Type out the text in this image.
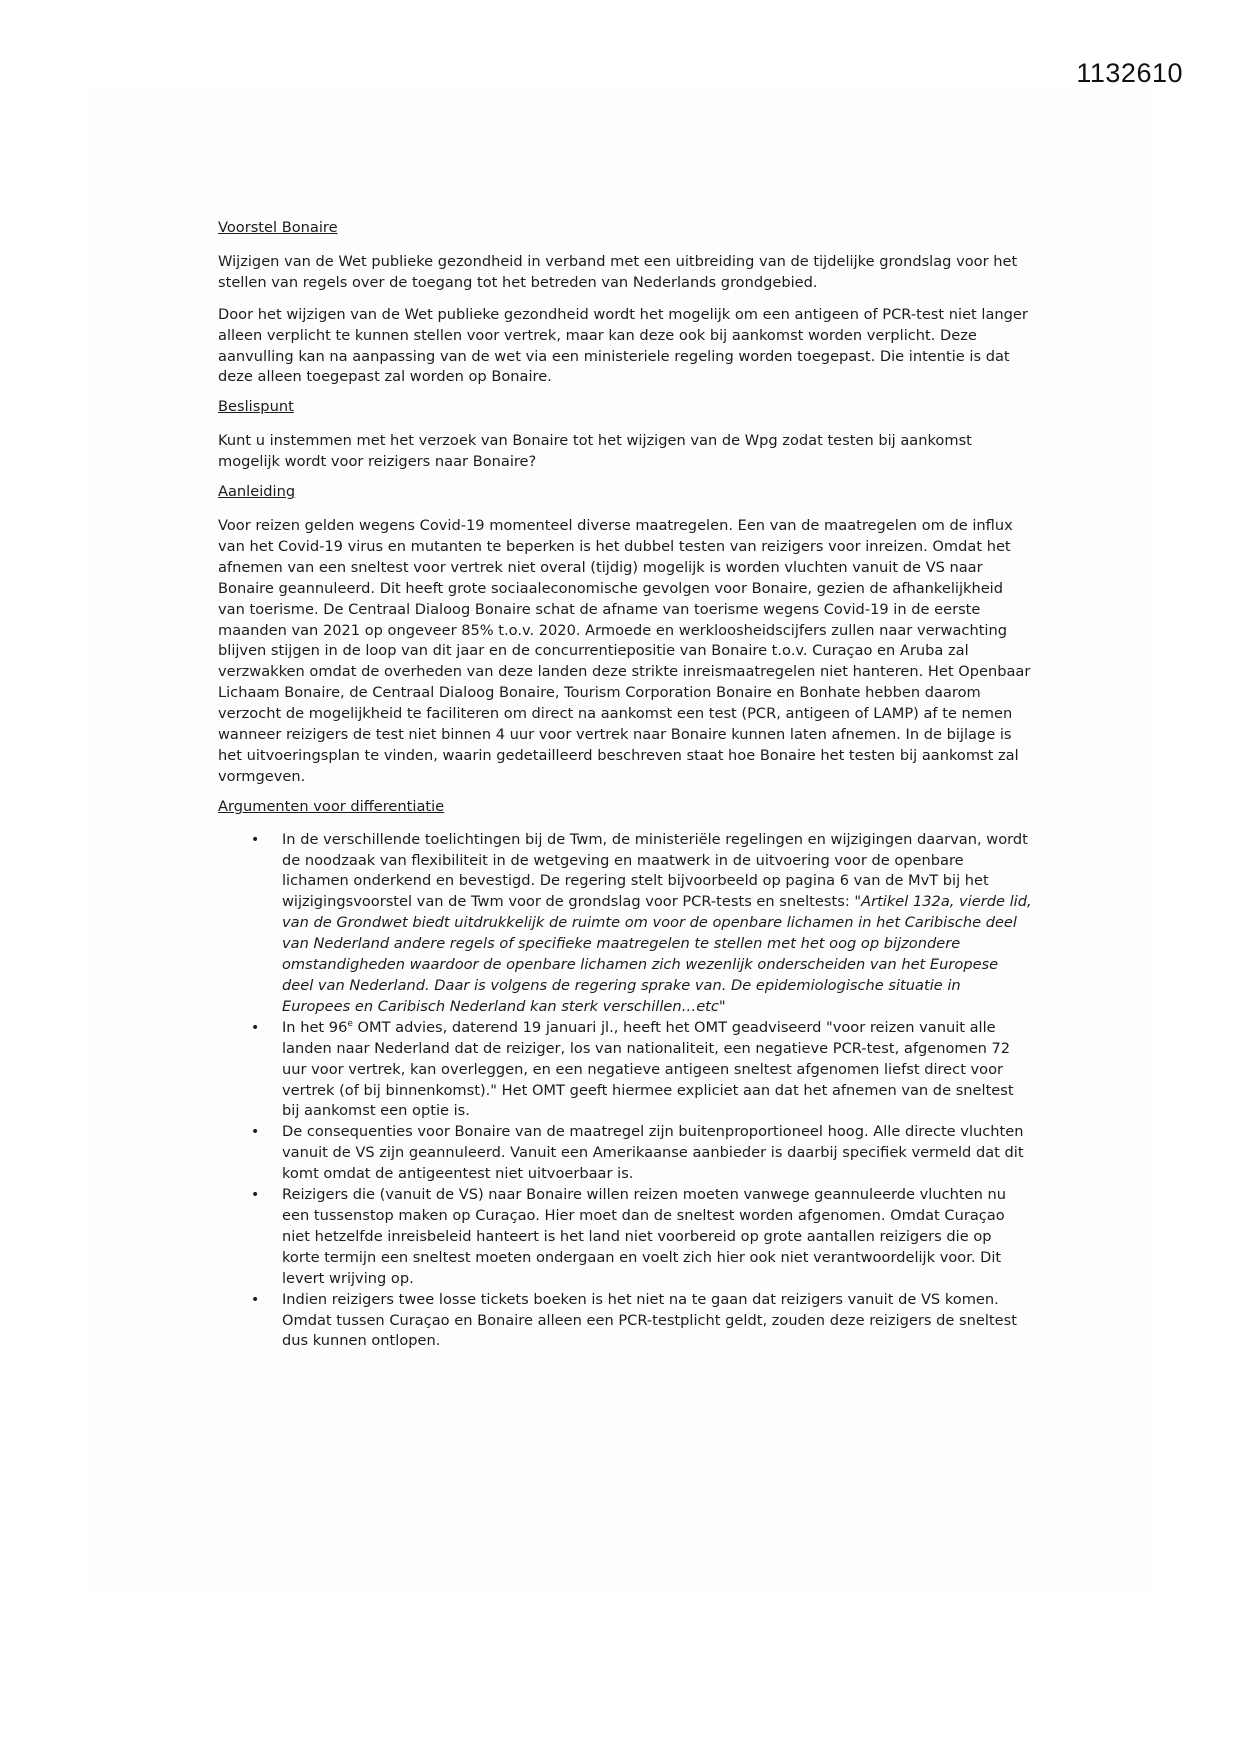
1132610
Voorstel Bonaire

Wijzigen van de Wet publieke gezondheid in verband met een uitbreiding van de tijdelijke grondslag voor het stellen van regels over de toegang tot het betreden van Nederlands grondgebied.

Door het wijzigen van de Wet publieke gezondheid wordt het mogelijk om een antigeen of PCR-test niet langer alleen verplicht te kunnen stellen voor vertrek, maar kan deze ook bij aankomst worden verplicht. Deze aanvulling kan na aanpassing van de wet via een ministeriele regeling worden toegepast. Die intentie is dat deze alleen toegepast zal worden op Bonaire.

Beslispunt

Kunt u instemmen met het verzoek van Bonaire tot het wijzigen van de Wpg zodat testen bij aankomst mogelijk wordt voor reizigers naar Bonaire?

Aanleiding

Voor reizen gelden wegens Covid-19 momenteel diverse maatregelen. Een van de maatregelen om de influx van het Covid-19 virus en mutanten te beperken is het dubbel testen van reizigers voor inreizen. Omdat het afnemen van een sneltest voor vertrek niet overal (tijdig) mogelijk is worden vluchten vanuit de VS naar Bonaire geannuleerd. Dit heeft grote sociaaleconomische gevolgen voor Bonaire, gezien de afhankelijkheid van toerisme. De Centraal Dialoog Bonaire schat de afname van toerisme wegens Covid-19 in de eerste maanden van 2021 op ongeveer 85% t.o.v. 2020. Armoede en werkloosheidscijfers zullen naar verwachting blijven stijgen in de loop van dit jaar en de concurrentiepositie van Bonaire t.o.v. Curaçao en Aruba zal verzwakken omdat de overheden van deze landen deze strikte inreismaatregelen niet hanteren. Het Openbaar Lichaam Bonaire, de Centraal Dialoog Bonaire, Tourism Corporation Bonaire en Bonhate hebben daarom verzocht de mogelijkheid te faciliteren om direct na aankomst een test (PCR, antigeen of LAMP) af te nemen wanneer reizigers de test niet binnen 4 uur voor vertrek naar Bonaire kunnen laten afnemen. In de bijlage is het uitvoeringsplan te vinden, waarin gedetailleerd beschreven staat hoe Bonaire het testen bij aankomst zal vormgeven.

Argumenten voor differentiatie
• In de verschillende toelichtingen bij de Twm, de ministeriële regelingen en wijzigingen daarvan, wordt de noodzaak van flexibiliteit in de wetgeving en maatwerk in de uitvoering voor de openbare lichamen onderkend en bevestigd. De regering stelt bijvoorbeeld op pagina 6 van de MvT bij het wijzigingsvoorstel van de Twm voor de grondslag voor PCR-tests en sneltests: "Artikel 132a, vierde lid, van de Grondwet biedt uitdrukkelijk de ruimte om voor de openbare lichamen in het Caribische deel van Nederland andere regels of specifieke maatregelen te stellen met het oog op bijzondere omstandigheden waardoor de openbare lichamen zich wezenlijk onderscheiden van het Europese deel van Nederland. Daar is volgens de regering sprake van. De epidemiologische situatie in Europees en Caribisch Nederland kan sterk verschillen…etc"
• In het 96e OMT advies, daterend 19 januari jl., heeft het OMT geadviseerd "voor reizen vanuit alle landen naar Nederland dat de reiziger, los van nationaliteit, een negatieve PCR-test, afgenomen 72 uur voor vertrek, kan overleggen, en een negatieve antigeen sneltest afgenomen liefst direct voor vertrek (of bij binnenkomst)." Het OMT geeft hiermee expliciet aan dat het afnemen van de sneltest bij aankomst een optie is.
• De consequenties voor Bonaire van de maatregel zijn buitenproportioneel hoog. Alle directe vluchten vanuit de VS zijn geannuleerd. Vanuit een Amerikaanse aanbieder is daarbij specifiek vermeld dat dit komt omdat de antigeentest niet uitvoerbaar is.
• Reizigers die (vanuit de VS) naar Bonaire willen reizen moeten vanwege geannuleerde vluchten nu een tussenstop maken op Curaçao. Hier moet dan de sneltest worden afgenomen. Omdat Curaçao niet hetzelfde inreisbeleid hanteert is het land niet voorbereid op grote aantallen reizigers die op korte termijn een sneltest moeten ondergaan en voelt zich hier ook niet verantwoordelijk voor. Dit levert wrijving op.
• Indien reizigers twee losse tickets boeken is het niet na te gaan dat reizigers vanuit de VS komen. Omdat tussen Curaçao en Bonaire alleen een PCR-testplicht geldt, zouden deze reizigers de sneltest dus kunnen ontlopen.
